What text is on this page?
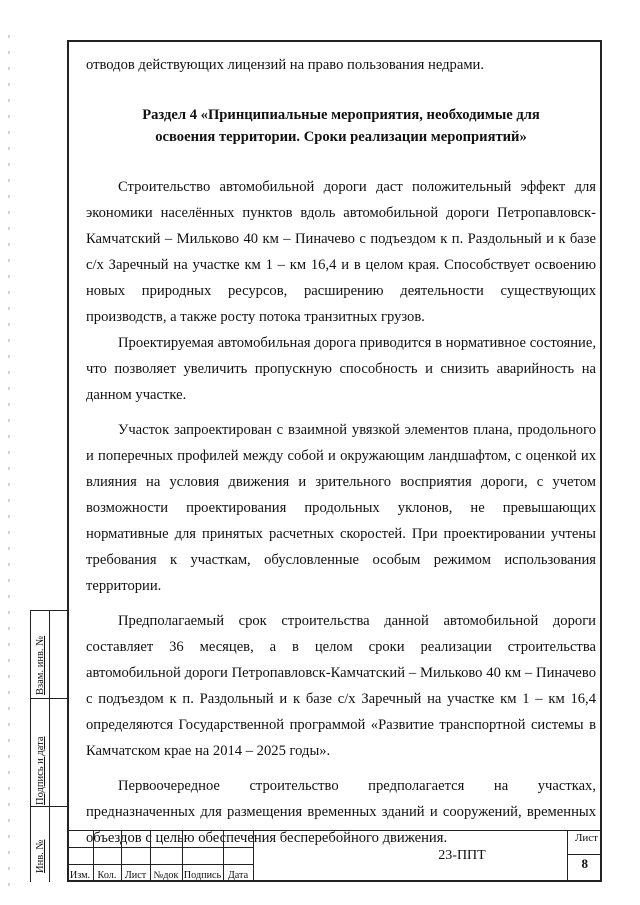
Взам. инв. №
Подпись и дата
Инв. №

отводов действующих лицензий на право пользования недрами.

Раздел 4 «Принципиальные мероприятия, необходимые для освоения территории. Сроки реализации мероприятий»

Строительство автомобильной дороги даст положительный эффект для экономики населённых пунктов вдоль автомобильной дороги Петропавловск-Камчатский – Мильково 40 км – Пиначево с подъездом к п. Раздольный и к базе с/х Заречный на участке км 1 – км 16,4 и в целом края. Способствует освоению новых природных ресурсов, расширению деятельности существующих производств, а также росту потока транзитных грузов.

Проектируемая автомобильная дорога приводится в нормативное состояние, что позволяет увеличить пропускную способность и снизить аварийность на данном участке.

Участок запроектирован с взаимной увязкой элементов плана, продольного и поперечных профилей между собой и окружающим ландшафтом, с оценкой их влияния на условия движения и зрительного восприятия дороги, с учетом возможности проектирования продольных уклонов, не превышающих нормативные для принятых расчетных скоростей. При проектировании учтены требования к участкам, обусловленные особым режимом использования территории.

Предполагаемый срок строительства данной автомобильной дороги составляет 36 месяцев, а в целом сроки реализации строительства автомобильной дороги Петропавловск-Камчатский – Мильково 40 км – Пиначево с подъездом к п. Раздольный и к базе с/х Заречный на участке км 1 – км 16,4 определяются Государственной программой «Развитие транспортной системы в Камчатском крае на 2014 – 2025 годы».

Первоочередное строительство предполагается на участках, предназначенных для размещения временных зданий и сооружений, временных объездов с целью обеспечения бесперебойного движения.

Изм. Кол. Лист №док Подпись Дата
23-ППТ
Лист
8
